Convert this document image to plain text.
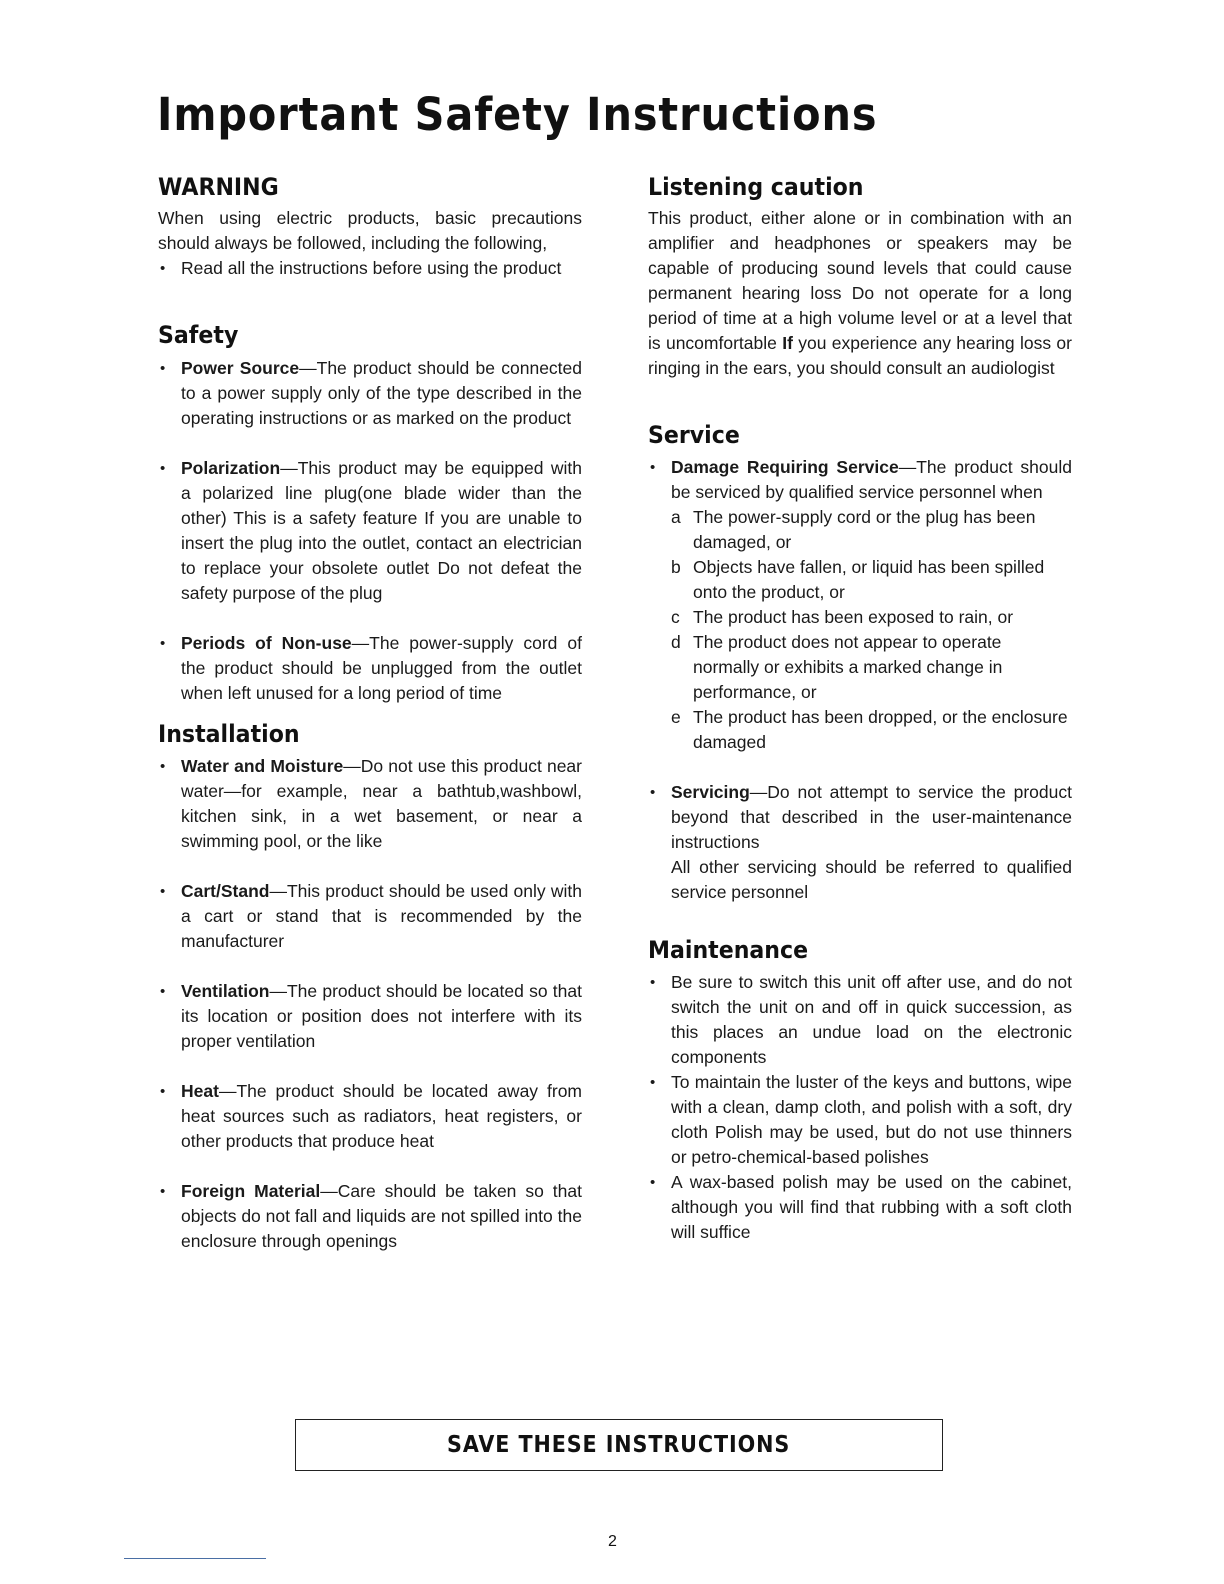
Important Safety Instructions
WARNING

When using electric products, basic precautions should always be followed, including the following,

• Read all the instructions before using the product

Safety

• Power Source—The product should be connected to a power supply only of the type described in the operating instructions or as marked on the product

• Polarization—This product may be equipped with a polarized line plug(one blade wider than the other) This is a safety feature If you are unable to insert the plug into the outlet, contact an electrician to replace your obsolete outlet Do not defeat the safety purpose of the plug

• Periods of Non-use—The power-supply cord of the product should be unplugged from the outlet when left unused for a long period of time

Installation

• Water and Moisture—Do not use this product near water—for example, near a bathtub,washbowl, kitchen sink, in a wet basement, or near a swimming pool, or the like

• Cart/Stand—This product should be used only with a cart or stand that is recommended by the manufacturer

• Ventilation—The product should be located so that its location or position does not interfere with its proper ventilation

• Heat—The product should be located away from heat sources such as radiators, heat registers, or other products that produce heat

• Foreign Material—Care should be taken so that objects do not fall and liquids are not spilled into the enclosure through openings

Listening caution

This product, either alone or in combination with an amplifier and headphones or speakers may be capable of producing sound levels that could cause permanent hearing loss Do not operate for a long period of time at a high volume level or at a level that is uncomfortable If you experience any hearing loss or ringing in the ears, you should consult an audiologist

Service

• Damage Requiring Service—The product should be serviced by qualified service personnel when

a The power-supply cord or the plug has been damaged, or

b Objects have fallen, or liquid has been spilled onto the product, or

c The product has been exposed to rain, or

d The product does not appear to operate normally or exhibits a marked change in performance, or

e The product has been dropped, or the enclosure damaged

• Servicing—Do not attempt to service the product beyond that described in the user-maintenance instructions

All other servicing should be referred to qualified service personnel

Maintenance

• Be sure to switch this unit off after use, and do not switch the unit on and off in quick succession, as this places an undue load on the electronic components

• To maintain the luster of the keys and buttons, wipe with a clean, damp cloth, and polish with a soft, dry cloth Polish may be used, but do not use thinners or petro-chemical-based polishes

• A wax-based polish may be used on the cabinet, although you will find that rubbing with a soft cloth will suffice

SAVE THESE INSTRUCTIONS
2
